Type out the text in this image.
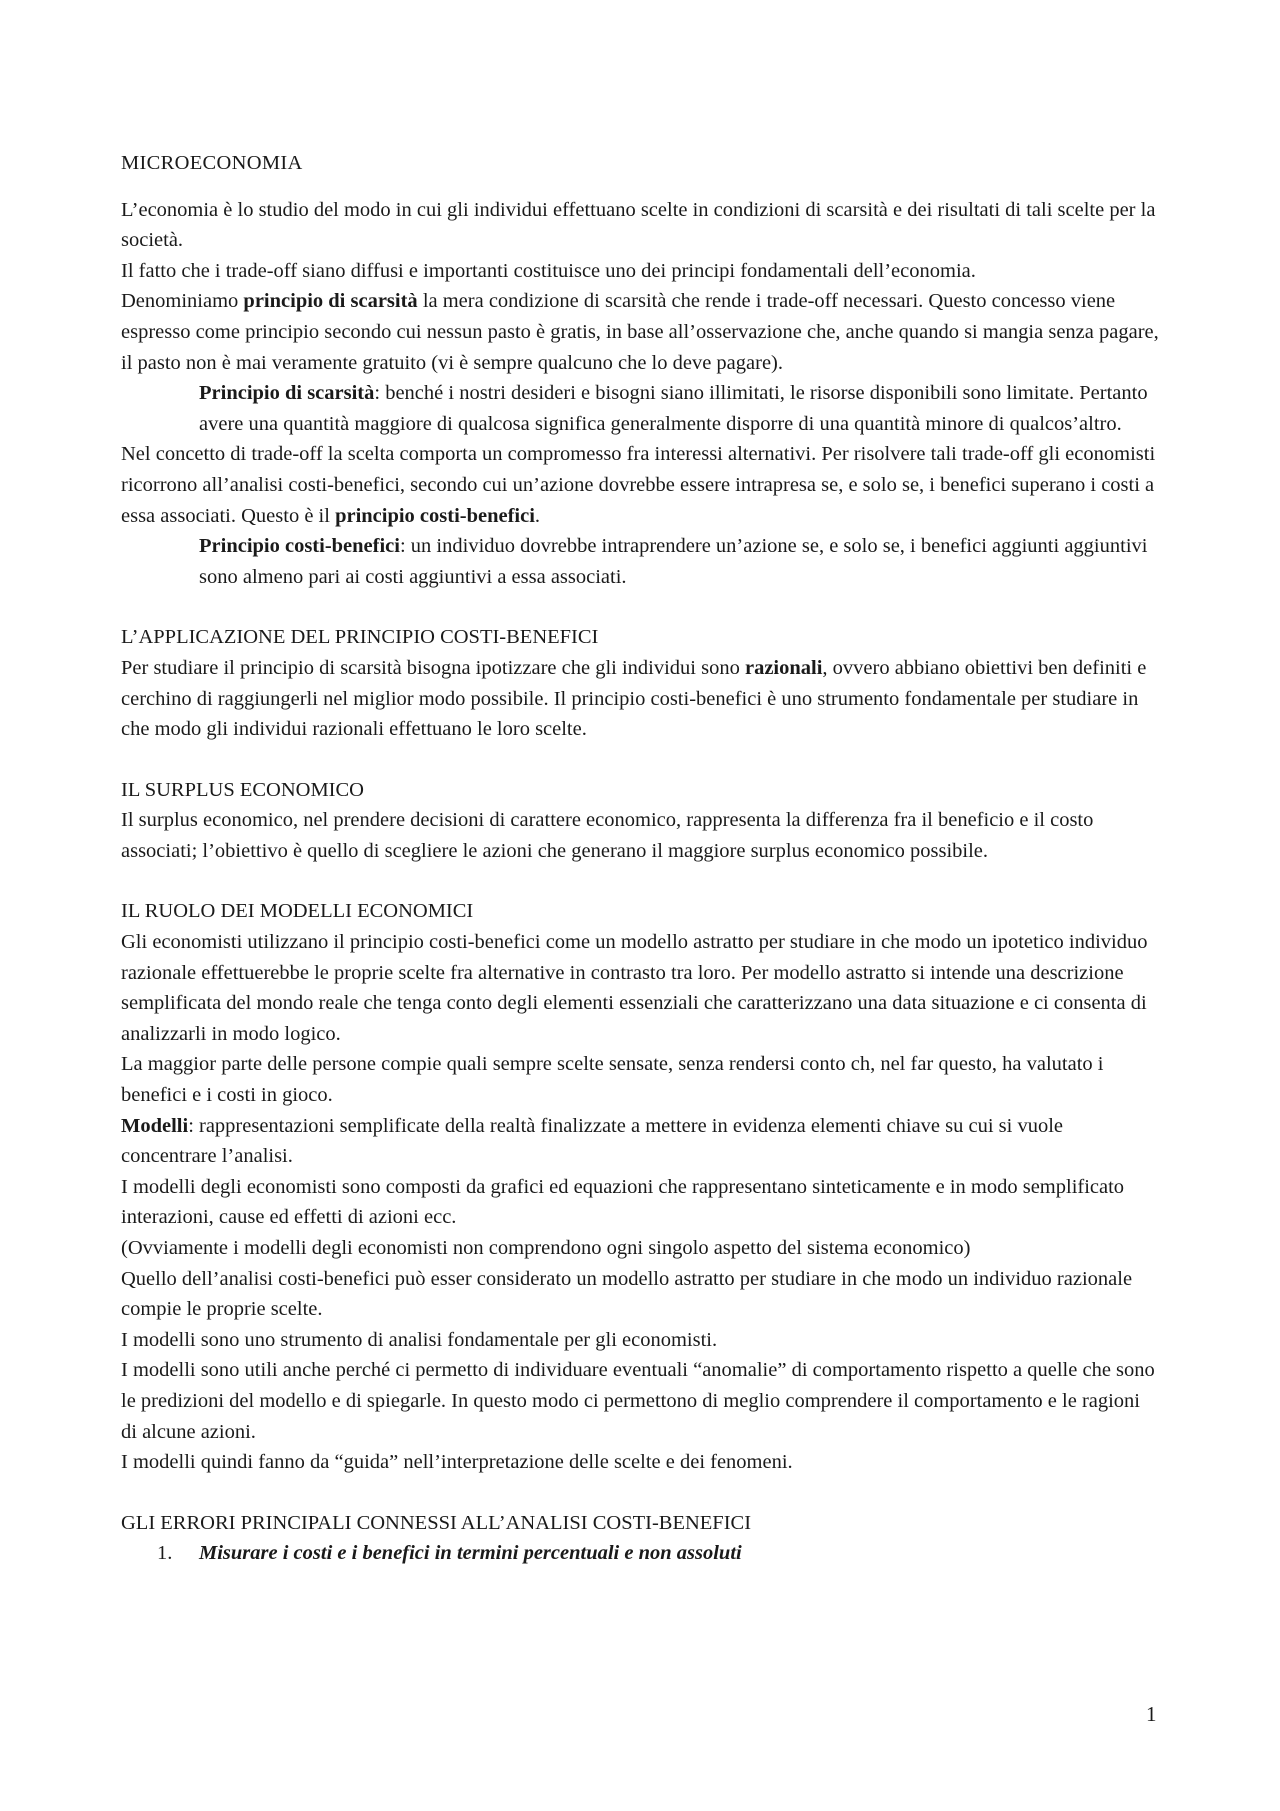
MICROECONOMIA

L’economia è lo studio del modo in cui gli individui effettuano scelte in condizioni di scarsità e dei risultati di tali scelte per la società.

Il fatto che i trade-off siano diffusi e importanti costituisce uno dei principi fondamentali dell’economia.

Denominiamo principio di scarsità la mera condizione di scarsità che rende i trade-off necessari. Questo concesso viene espresso come principio secondo cui nessun pasto è gratis, in base all’osservazione che, anche quando si mangia senza pagare, il pasto non è mai veramente gratuito (vi è sempre qualcuno che lo deve pagare).

Principio di scarsità: benché i nostri desideri e bisogni siano illimitati, le risorse disponibili sono limitate. Pertanto avere una quantità maggiore di qualcosa significa generalmente disporre di una quantità minore di qualcos’altro.

Nel concetto di trade-off la scelta comporta un compromesso fra interessi alternativi. Per risolvere tali trade-off gli economisti ricorrono all’analisi costi-benefici, secondo cui un’azione dovrebbe essere intrapresa se, e solo se, i benefici superano i costi a essa associati. Questo è il principio costi-benefici.

Principio costi-benefici: un individuo dovrebbe intraprendere un’azione se, e solo se, i benefici aggiunti aggiuntivi sono almeno pari ai costi aggiuntivi a essa associati.

L’APPLICAZIONE DEL PRINCIPIO COSTI-BENEFICI

Per studiare il principio di scarsità bisogna ipotizzare che gli individui sono razionali, ovvero abbiano obiettivi ben definiti e cerchino di raggiungerli nel miglior modo possibile. Il principio costi-benefici è uno strumento fondamentale per studiare in che modo gli individui razionali effettuano le loro scelte.

IL SURPLUS ECONOMICO

Il surplus economico, nel prendere decisioni di carattere economico, rappresenta la differenza fra il beneficio e il costo associati; l’obiettivo è quello di scegliere le azioni che generano il maggiore surplus economico possibile.

IL RUOLO DEI MODELLI ECONOMICI

Gli economisti utilizzano il principio costi-benefici come un modello astratto per studiare in che modo un ipotetico individuo razionale effettuerebbe le proprie scelte fra alternative in contrasto tra loro. Per modello astratto si intende una descrizione semplificata del mondo reale che tenga conto degli elementi essenziali che caratterizzano una data situazione e ci consenta di analizzarli in modo logico.

La maggior parte delle persone compie quali sempre scelte sensate, senza rendersi conto ch, nel far questo, ha valutato i benefici e i costi in gioco.

Modelli: rappresentazioni semplificate della realtà finalizzate a mettere in evidenza elementi chiave su cui si vuole concentrare l’analisi.

I modelli degli economisti sono composti da grafici ed equazioni che rappresentano sinteticamente e in modo semplificato interazioni, cause ed effetti di azioni ecc.

(Ovviamente i modelli degli economisti non comprendono ogni singolo aspetto del sistema economico)

Quello dell’analisi costi-benefici può esser considerato un modello astratto per studiare in che modo un individuo razionale compie le proprie scelte.

I modelli sono uno strumento di analisi fondamentale per gli economisti.

I modelli sono utili anche perché ci permetto di individuare eventuali “anomalie” di comportamento rispetto a quelle che sono le predizioni del modello e di spiegarle. In questo modo ci permettono di meglio comprendere il comportamento e le ragioni di alcune azioni.

I modelli quindi fanno da “guida” nell’interpretazione delle scelte e dei fenomeni.

GLI ERRORI PRINCIPALI CONNESSI ALL’ANALISI COSTI-BENEFICI

1. Misurare i costi e i benefici in termini percentuali e non assoluti

1
